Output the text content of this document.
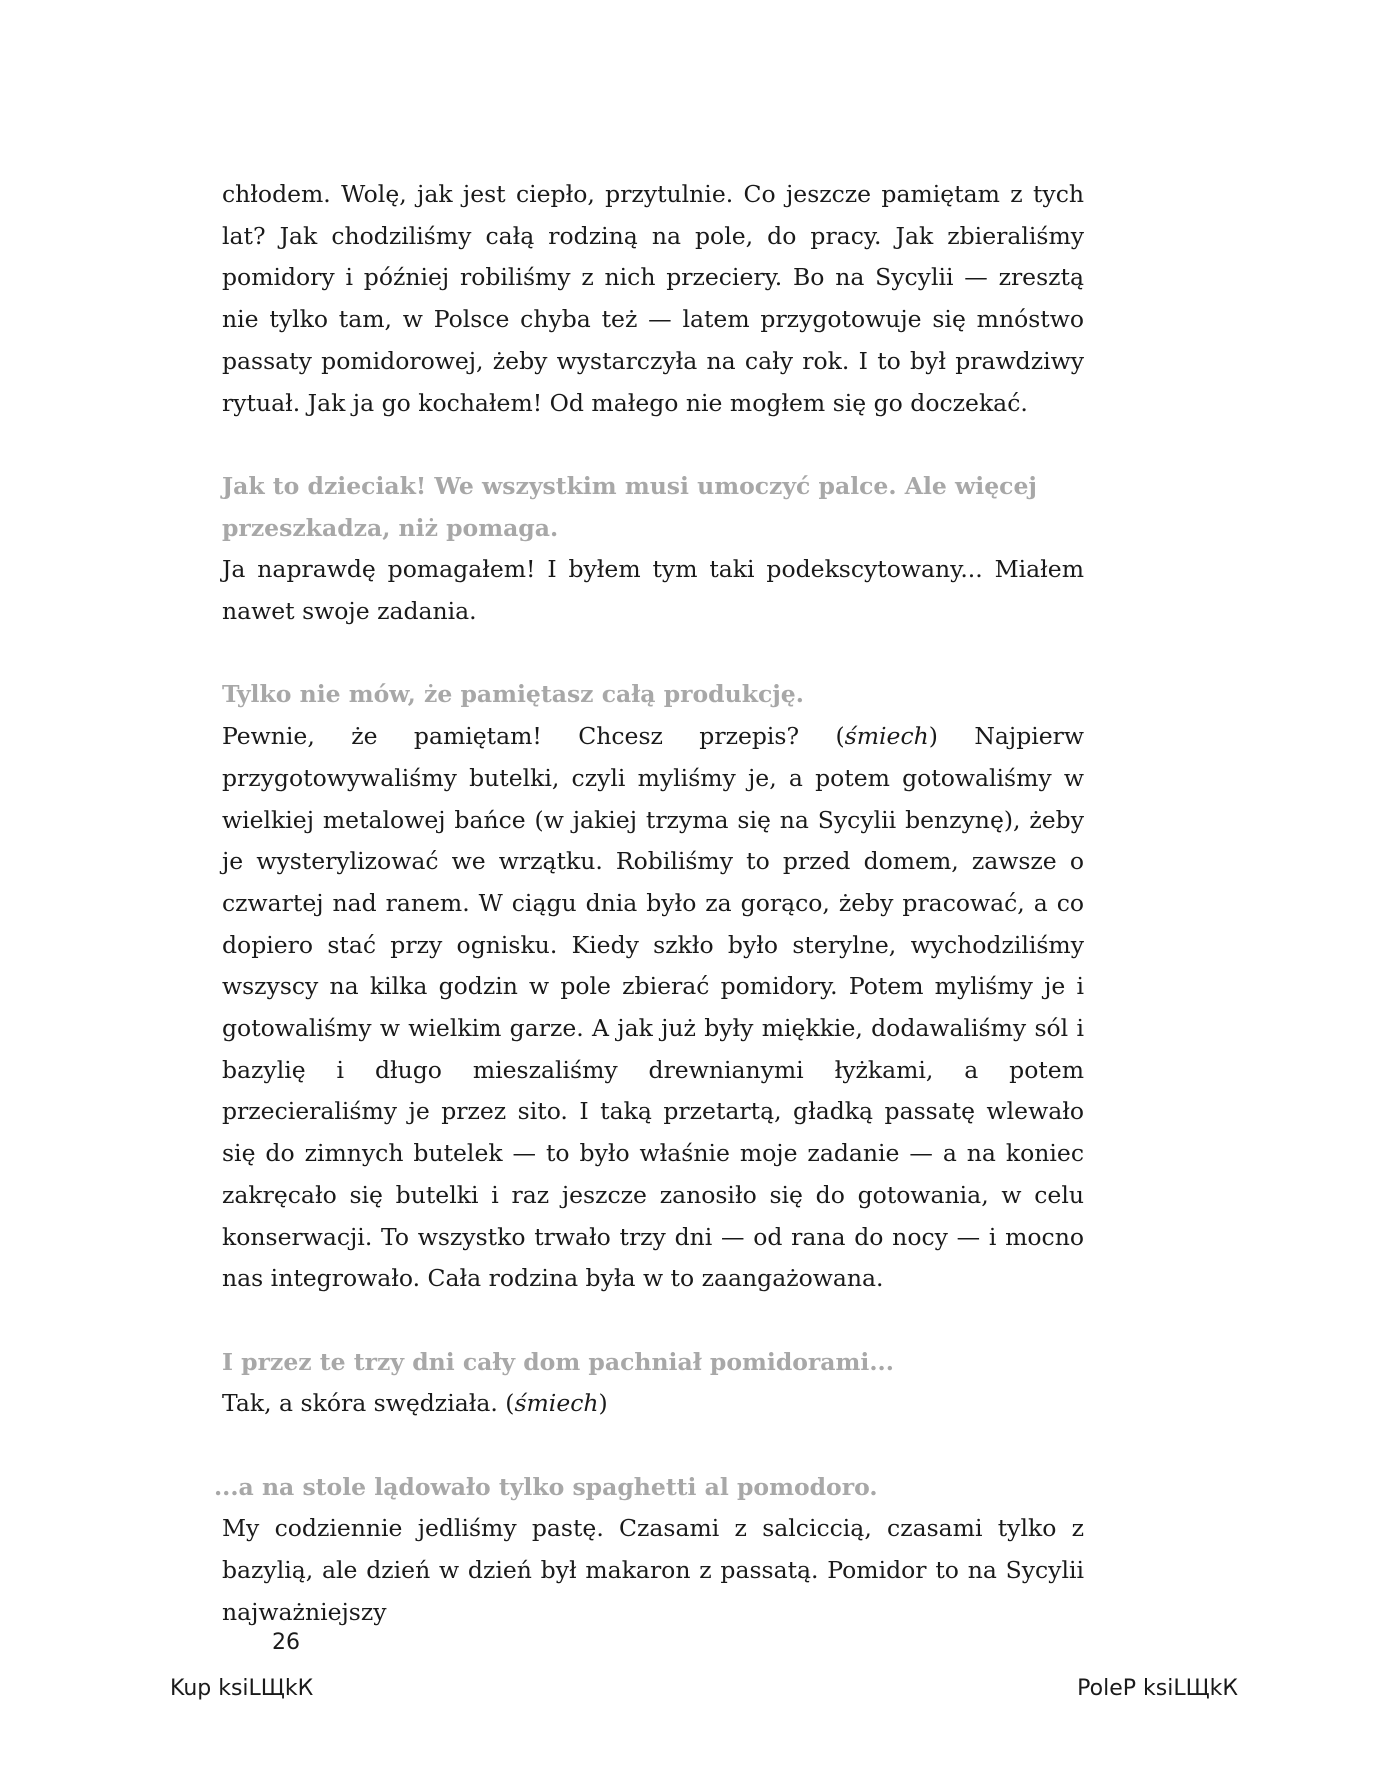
chłodem. Wolę, jak jest ciepło, przytulnie. Co jeszcze pamiętam z tych lat? Jak chodziliśmy całą rodziną na pole, do pracy. Jak zbieraliśmy pomidory i później robiliśmy z nich przeciery. Bo na Sycylii — zresztą nie tylko tam, w Polsce chyba też — latem przygotowuje się mnóstwo passaty pomidorowej, żeby wystarczyła na cały rok. I to był prawdziwy rytuał. Jak ja go kochałem! Od małego nie mogłem się go doczekać.

Jak to dzieciak! We wszystkim musi umoczyć palce. Ale więcej przeszkadza, niż pomaga.

Ja naprawdę pomagałem! I byłem tym taki podekscytowany... Miałem nawet swoje zadania.

Tylko nie mów, że pamiętasz całą produkcję.

Pewnie, że pamiętam! Chcesz przepis? (śmiech) Najpierw przygotowywaliśmy butelki, czyli myliśmy je, a potem gotowaliśmy w wielkiej metalowej bańce (w jakiej trzyma się na Sycylii benzynę), żeby je wysterylizować we wrzątku. Robiliśmy to przed domem, zawsze o czwartej nad ranem. W ciągu dnia było za gorąco, żeby pracować, a co dopiero stać przy ognisku. Kiedy szkło było sterylne, wychodziliśmy wszyscy na kilka godzin w pole zbierać pomidory. Potem myliśmy je i gotowaliśmy w wielkim garze. A jak już były miękkie, dodawaliśmy sól i bazylię i długo mieszaliśmy drewnianymi łyżkami, a potem przecieraliśmy je przez sito. I taką przetartą, gładką passatę wlewało się do zimnych butelek — to było właśnie moje zadanie — a na koniec zakręcało się butelki i raz jeszcze zanosiło się do gotowania, w celu konserwacji. To wszystko trwało trzy dni — od rana do nocy — i mocno nas integrowało. Cała rodzina była w to zaangażowana.

I przez te trzy dni cały dom pachniał pomidorami...

Tak, a skóra swędziała. (śmiech)

...a na stole lądowało tylko spaghetti al pomodoro.

My codziennie jedliśmy pastę. Czasami z salciccią, czasami tylko z bazylią, ale dzień w dzień był makaron z passatą. Pomidor to na Sycylii najważniejszy

26
Kup ksiLЩkК	PoleP ksiLЩkК
